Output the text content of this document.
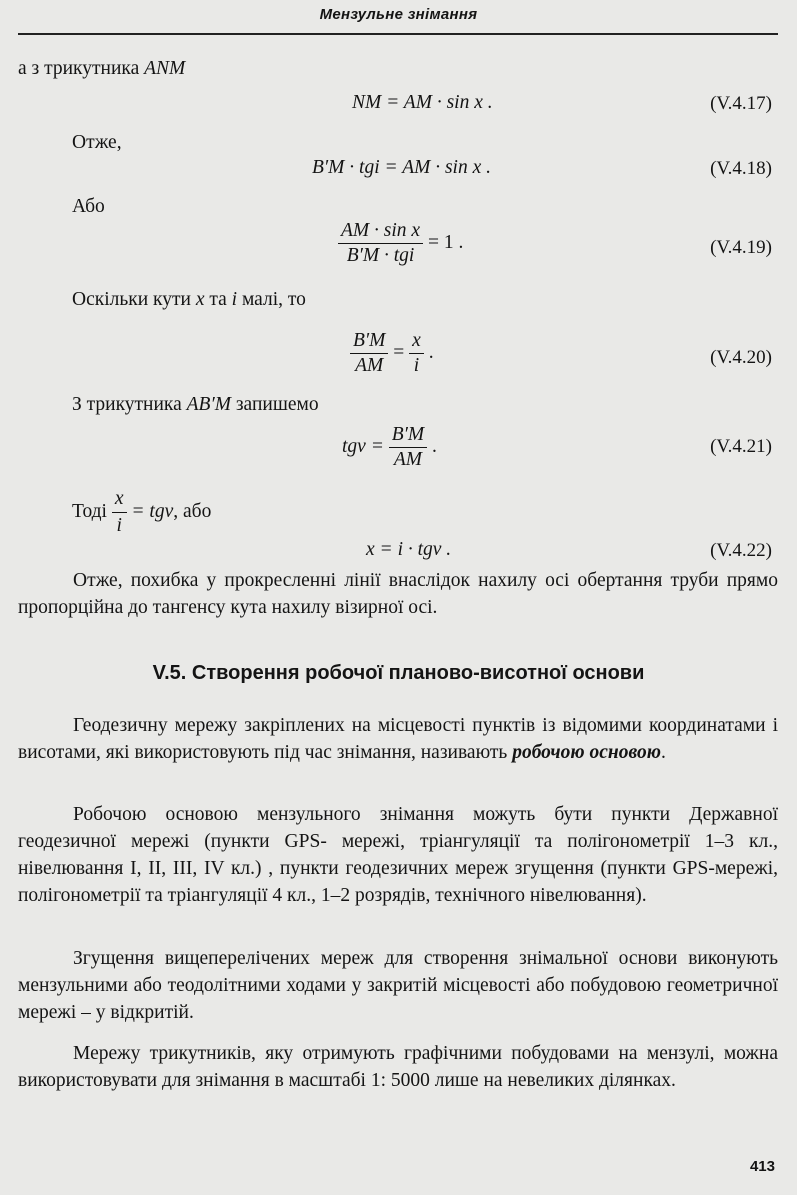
Мензульне знімання
а з трикутника ANM
NM = AM · sin x .	(V.4.17)
Отже,
B′M · tgi = AM · sin x .	(V.4.18)
Або
$\frac{\text{AM · sin x}}{\text{B′M · tgi}} = 1$ .	(V.4.19)
Оскільки кути x та i малі, то
$\frac{B'M}{AM} = \frac{x}{i}$ .	(V.4.20)
З трикутника AB′M запишемо
$tg\nu = \frac{B'M}{AM}$ .	(V.4.21)
Тоді $\frac{x}{i} = tg\nu$, або
x = i · tgν .	(V.4.22)
Отже, похибка у прокресленні лінії внаслідок нахилу осі обертання труби прямо пропорційна до тангенсу кута нахилу візирної осі.
V.5. Створення робочої планово-висотної основи
Геодезичну мережу закріплених на місцевості пунктів із відомими координатами і висотами, які використовують під час знімання, називають робочою основою.
Робочою основою мензульного знімання можуть бути пункти Державної геодезичної мережі (пункти GPS- мережі, тріангуляції та полігонометрії 1–3 кл., нівелювання І, ІІ, ІІІ, IV кл.) , пункти геодезичних мереж згущення (пункти GPS-мережі, полігонометрії та тріангуляції 4 кл., 1–2 розрядів, технічного нівелювання).
Згущення вищеперелічених мереж для створення знімальної основи виконують мензульними або теодолітними ходами у закритій місцевості або побудовою геометричної мережі – у відкритій.
Мережу трикутників, яку отримують графічними побудовами на мензулі, можна використовувати для знімання в масштабі 1: 5000 лише на невеликих ділянках.
413
